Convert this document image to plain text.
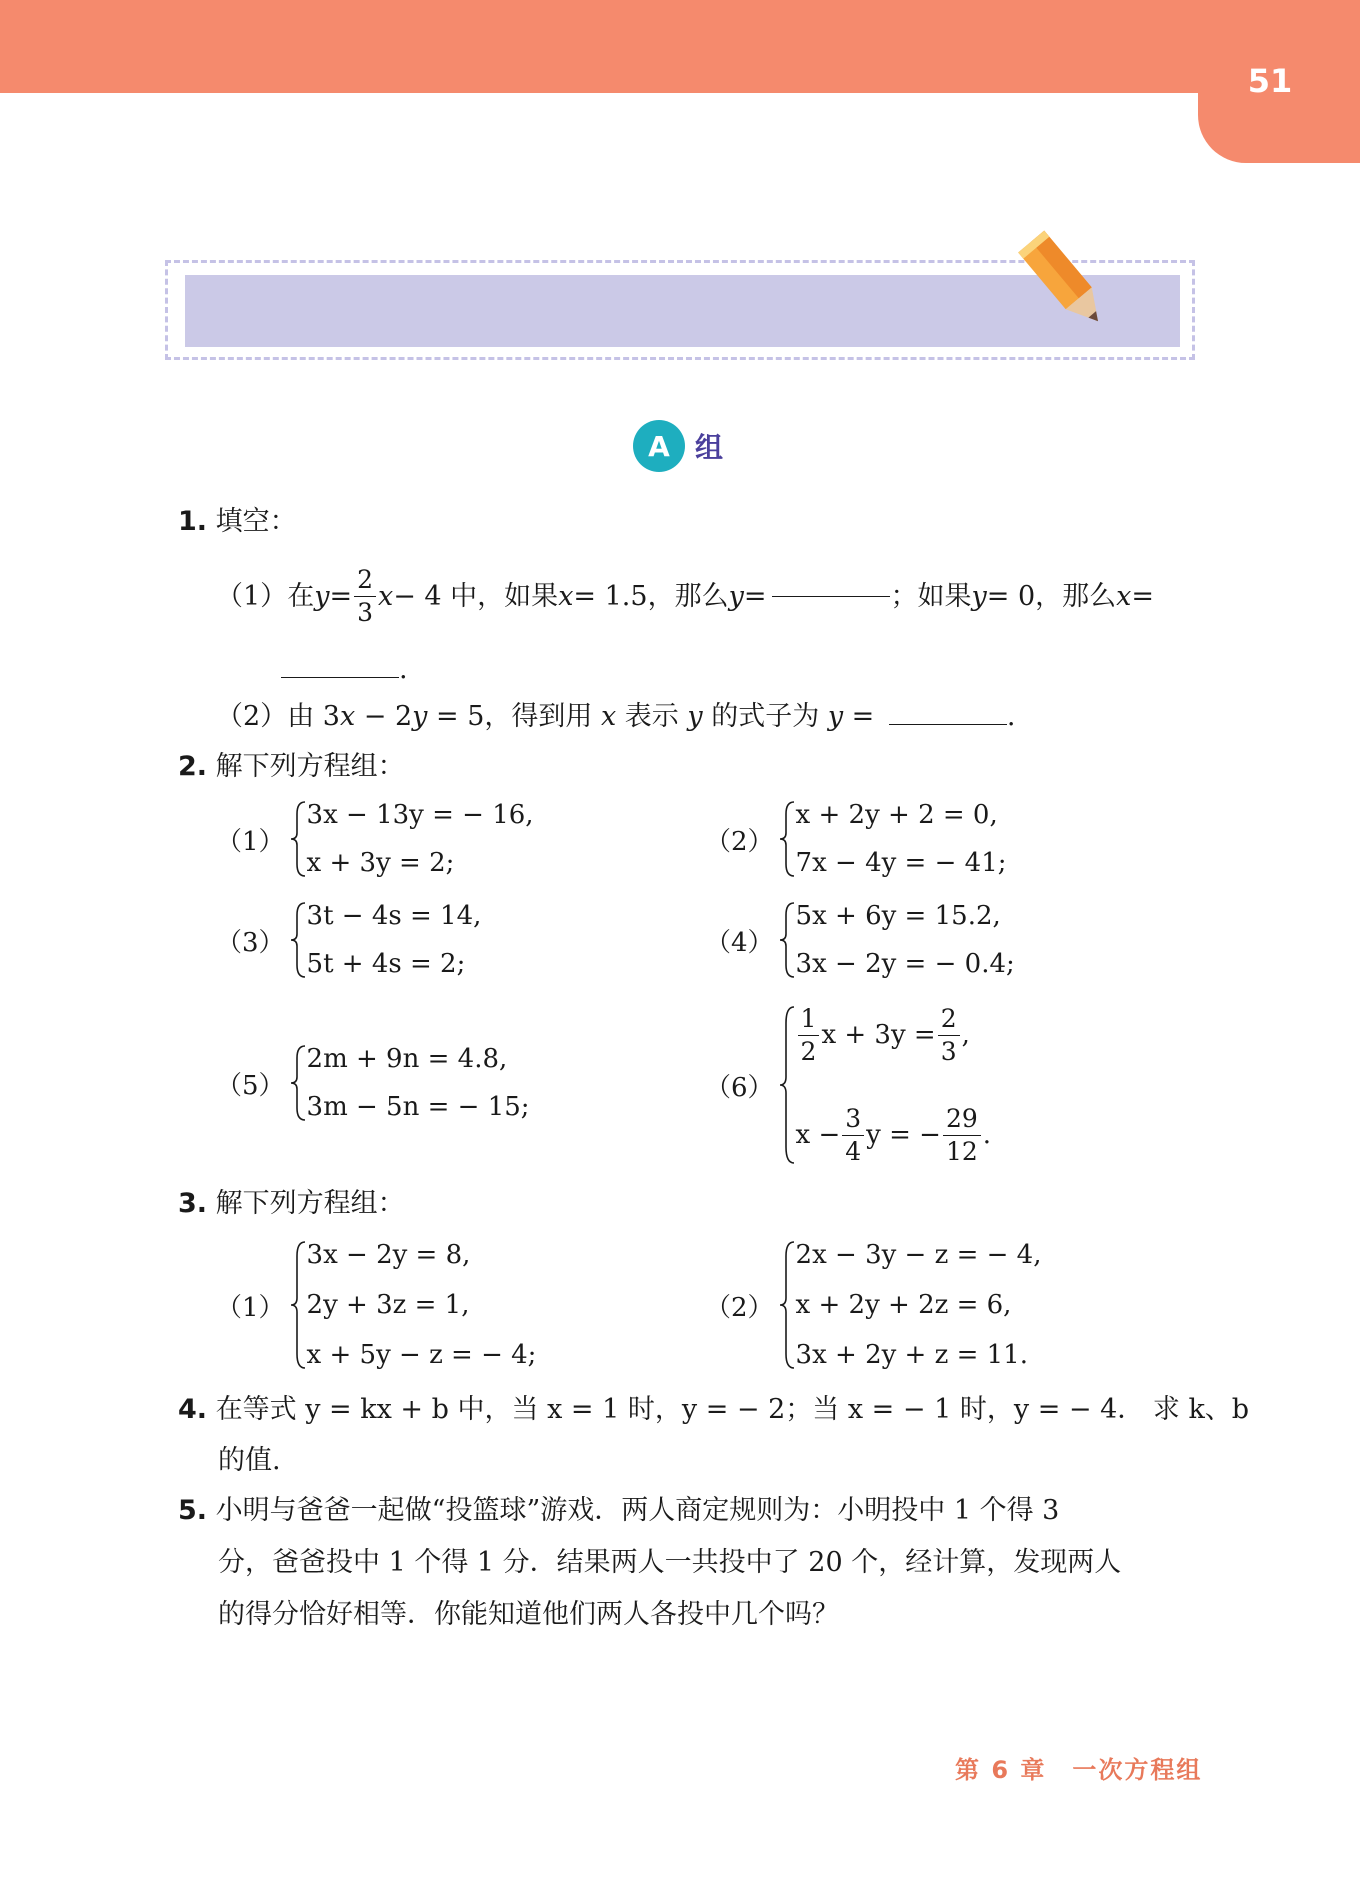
51
A 组
1. 填空：
（1） 在 $y = \frac{2}{3}$ x − 4 中，如果 x = 1.5，那么 y =	；如果 y = 0，那么 x =
.
（2）由 3x − 2y = 5，得到用 x 表示 y 的式子为 y =	.
2. 解下列方程组：
（1）
3x − 13y = − 16,
x + 3y = 2;
（2）
x + 2y + 2 = 0,
7x − 4y = − 41;
（3）
3t − 4s = 14,
5t + 4s = 2;
（4）
5x + 6y = 15.2,
3x − 2y = − 0.4;
（5）
2m + 9n = 4.8,
3m − 5n = − 15;
（6）
$\frac{1}{2}$ $x + 3y = \frac{2}{3}$ ,
$x - \frac{3}{4}$ y = − $\frac{29}{12}$ .
3. 解下列方程组：
（1）
3x − 2y = 8,
2y + 3z = 1,
x + 5y − z = − 4;
（2）
2x − 3y − z = − 4,
x + 2y + 2z = 6,
3x + 2y + z = 11.
4. 在等式 y = kx + b 中，当 x = 1 时，y = − 2；当 x = − 1 时，y = − 4． 求 k、b
的值.
5. 小明与爸爸一起做“投篮球”游戏．两人商定规则为：小明投中 1 个得 3
分，爸爸投中 1 个得 1 分．结果两人一共投中了 20 个，经计算，发现两人
的得分恰好相等．你能知道他们两人各投中几个吗？
第 6 章　一次方程组
